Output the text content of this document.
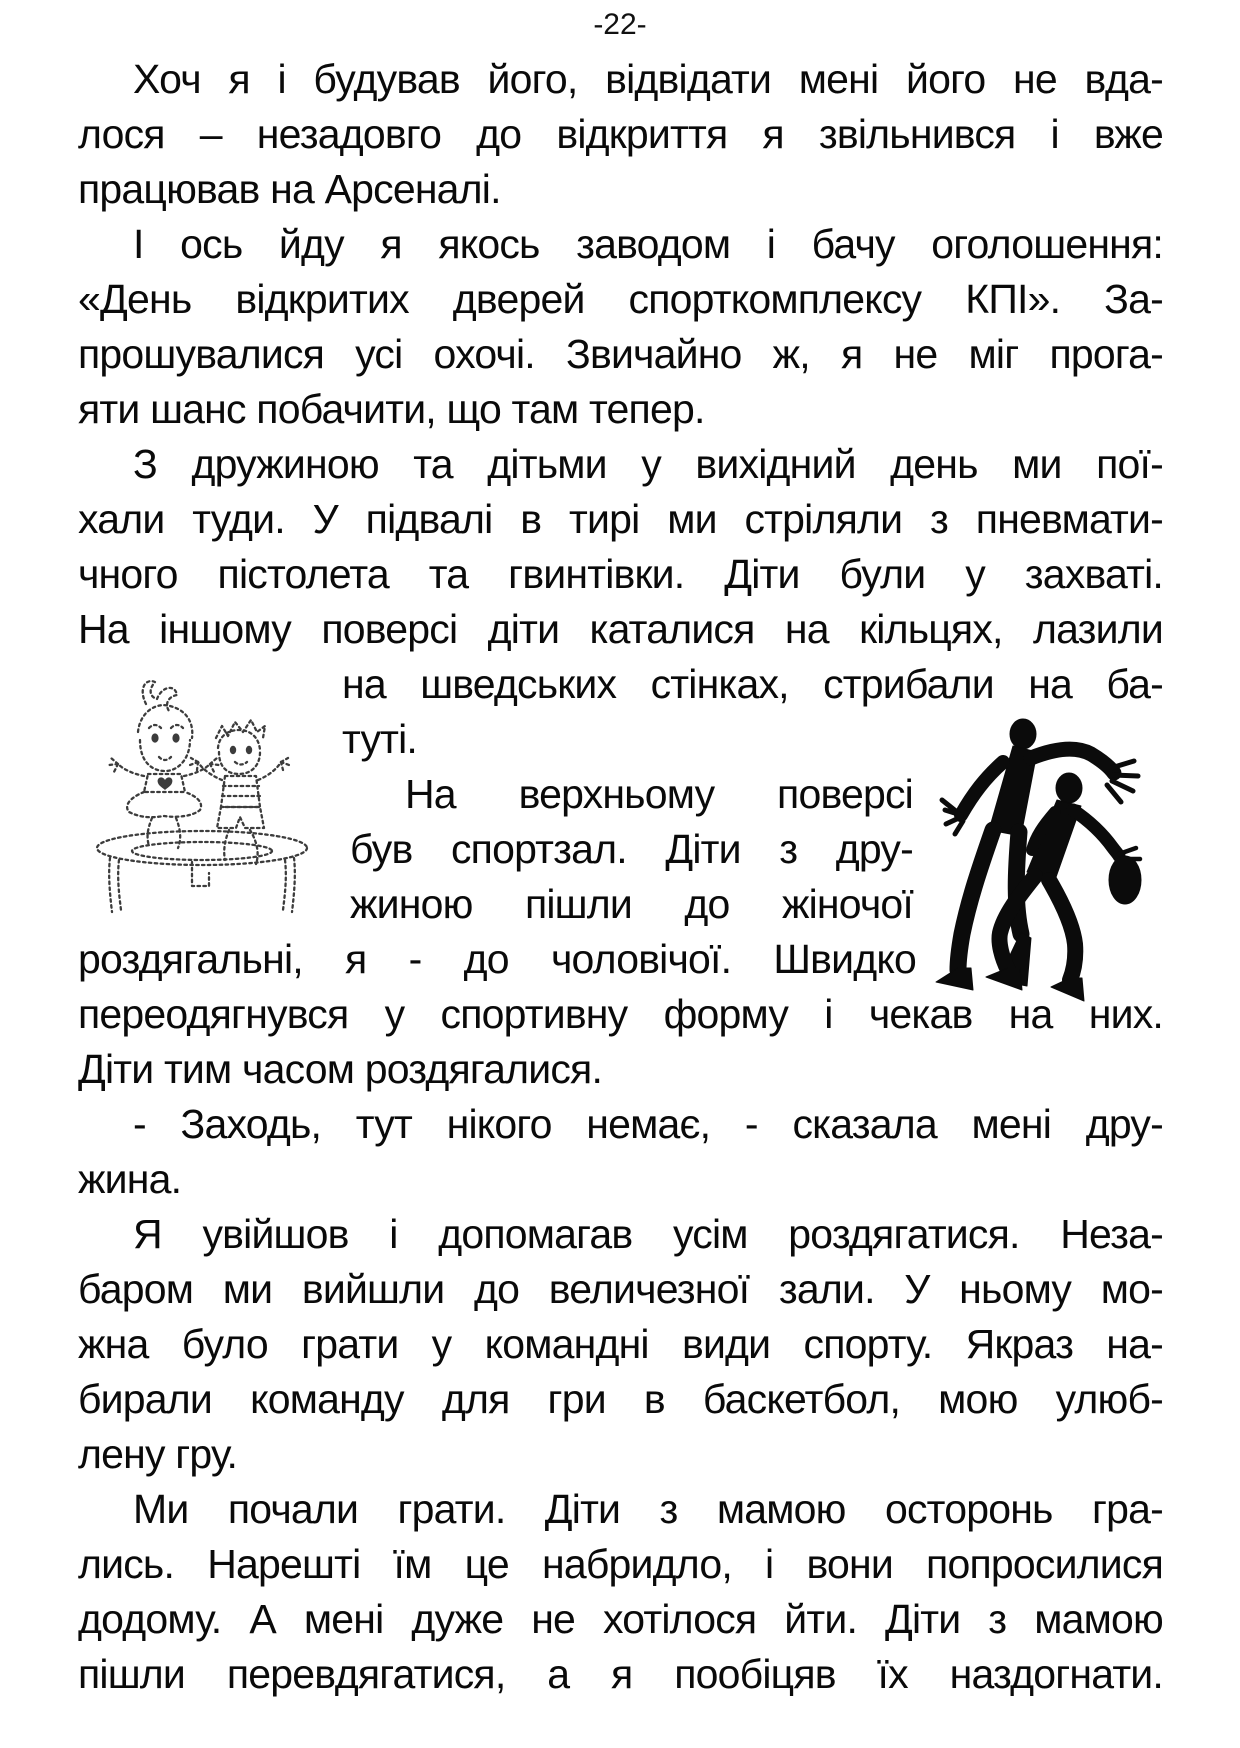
-22-
Хоч я і будував його, відвідати мені його не вда-
лося – незадовго до відкриття я звільнився і вже
працював на Арсеналі.
І ось йду я якось заводом і бачу оголошення:
«День відкритих дверей спорткомплексу КПІ». За-
прошувалися усі охочі. Звичайно ж, я не міг прога-
яти шанс побачити, що там тепер.
З дружиною та дітьми у вихідний день ми пої-
хали туди. У підвалі в тирі ми стріляли з пневмати-
чного пістолета та гвинтівки. Діти були у захваті.
На іншому поверсі діти каталися на кільцях, лазили
на шведських стінках, стрибали на ба-
туті.
На верхньому поверсі
був спортзал. Діти з дру-
жиною пішли до жіночої
роздягальні, я - до чоловічої. Швидко
переодягнувся у спортивну форму і чекав на них.
Діти тим часом роздягалися.
- Заходь, тут нікого немає, - сказала мені дру-
жина.
Я увійшов і допомагав усім роздягатися. Неза-
баром ми вийшли до величезної зали. У ньому мо-
жна було грати у командні види спорту. Якраз на-
бирали команду для гри в баскетбол, мою улюб-
лену гру.
Ми почали грати. Діти з мамою осторонь гра-
лись. Нарешті їм це набридло, і вони попросилися
додому. А мені дуже не хотілося йти. Діти з мамою
пішли перевдягатися, а я пообіцяв їх наздогнати.
